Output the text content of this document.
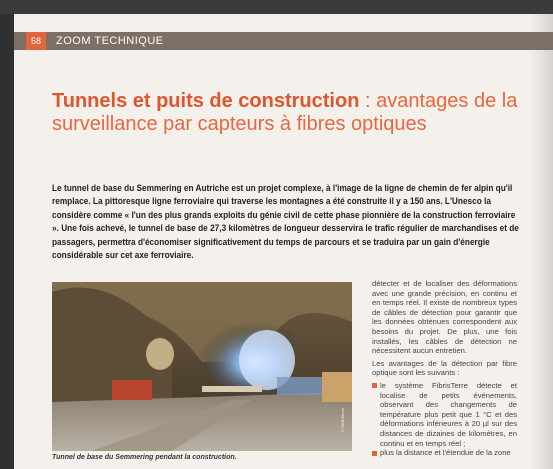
58	ZOOM TECHNIQUE
Tunnels et puits de construction : avantages de la surveillance par capteurs à fibres optiques
Le tunnel de base du Semmering en Autriche est un projet complexe, à l'image de la ligne de chemin de fer alpin qu'il remplace. La pittoresque ligne ferroviaire qui traverse les montagnes a été construite il y a 150 ans. L'Unesco la considère comme « l'un des plus grands exploits du génie civil de cette phase pionnière de la construction ferroviaire ». Une fois achevé, le tunnel de base de 27,3 kilomètres de longueur desservira le trafic régulier de marchandises et de passagers, permettra d'économiser significativement du temps de parcours et se traduira par un gain d'énergie considérable sur cet axe ferroviaire.
© ÖBB/Ebner
Tunnel de base du Semmering pendant la construction.

détecter et de localiser des déformations avec une grande précision, en continu et en temps réel. Il existe de nombreux types de câbles de détection pour garantir que les données obtenues correspondent aux besoins du projet. De plus, une fois installés, les câbles de détection ne nécessitent aucun entretien.

Les avantages de la détection par fibre optique sont les suivants :

le système FibrisTerre détecte et localise de petits événements, observant des changements de température plus petit que 1 °C et des déformations inférieures à 20 µl sur des distances de dizaines de kilomètres, en continu et en temps réel ;
plus la distance et l'étendue de la zone
